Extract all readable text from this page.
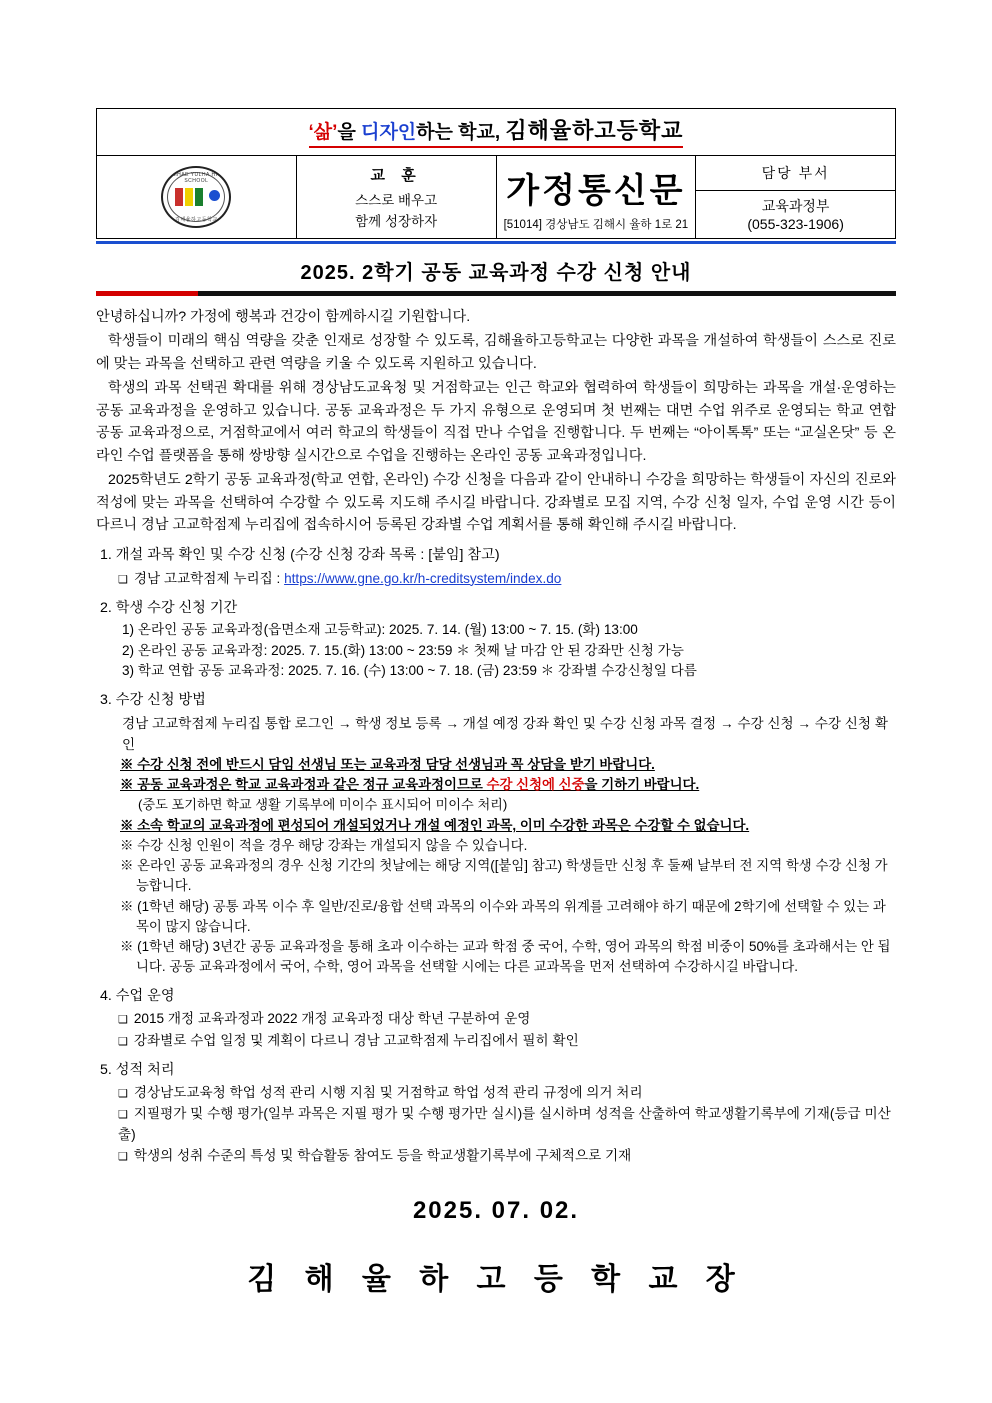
‘삶’을 디자인하는 학교, 김해율하고등학교

KIMHAE YULHA HIGH SCHOOL
김해율하고등학교

교 훈
스스로 배우고
함께 성장하자

가정통신문
[51014] 경상남도 김해시 율하 1로 21

담당 부서
교육과정부
(055-323-1906)
2025. 2학기 공동 교육과정 수강 신청 안내

안녕하십니까? 가정에 행복과 건강이 함께하시길 기원합니다.

학생들이 미래의 핵심 역량을 갖춘 인재로 성장할 수 있도록, 김해율하고등학교는 다양한 과목을 개설하여 학생들이 스스로 진로에 맞는 과목을 선택하고 관련 역량을 키울 수 있도록 지원하고 있습니다.

학생의 과목 선택권 확대를 위해 경상남도교육청 및 거점학교는 인근 학교와 협력하여 학생들이 희망하는 과목을 개설·운영하는 공동 교육과정을 운영하고 있습니다. 공동 교육과정은 두 가지 유형으로 운영되며 첫 번째는 대면 수업 위주로 운영되는 학교 연합 공동 교육과정으로, 거점학교에서 여러 학교의 학생들이 직접 만나 수업을 진행합니다. 두 번째는 “아이톡톡” 또는 “교실온닷” 등 온라인 수업 플랫폼을 통해 쌍방향 실시간으로 수업을 진행하는 온라인 공동 교육과정입니다.

2025학년도 2학기 공동 교육과정(학교 연합, 온라인) 수강 신청을 다음과 같이 안내하니 수강을 희망하는 학생들이 자신의 진로와 적성에 맞는 과목을 선택하여 수강할 수 있도록 지도해 주시길 바랍니다. 강좌별로 모집 지역, 수강 신청 일자, 수업 운영 시간 등이 다르니 경남 고교학점제 누리집에 접속하시어 등록된 강좌별 수업 계획서를 통해 확인해 주시길 바랍니다.

1. 개설 과목 확인 및 수강 신청 (수강 신청 강좌 목록 : [붙임] 참고)
❑ 경남 고교학점제 누리집 : https://www.gne.go.kr/h-creditsystem/index.do
2. 학생 수강 신청 기간
1) 온라인 공동 교육과정(읍면소재 고등학교): 2025. 7. 14. (월) 13:00 ~ 7. 15. (화) 13:00
2) 온라인 공동 교육과정: 2025. 7. 15.(화) 13:00 ~ 23:59 ＊ 첫째 날 마감 안 된 강좌만 신청 가능
3) 학교 연합 공동 교육과정: 2025. 7. 16. (수) 13:00 ~ 7. 18. (금) 23:59 ＊ 강좌별 수강신청일 다름
3. 수강 신청 방법
경남 고교학점제 누리집 통합 로그인 → 학생 정보 등록 → 개설 예정 강좌 확인 및 수강 신청 과목 결정 → 수강 신청 → 수강 신청 확인
※ 수강 신청 전에 반드시 담임 선생님 또는 교육과정 담당 선생님과 꼭 상담을 받기 바랍니다.
※ 공동 교육과정은 학교 교육과정과 같은 정규 교육과정이므로 수강 신청에 신중을 기하기 바랍니다.
(중도 포기하면 학교 생활 기록부에 미이수 표시되어 미이수 처리)
※ 소속 학교의 교육과정에 편성되어 개설되었거나 개설 예정인 과목, 이미 수강한 과목은 수강할 수 없습니다.
※ 수강 신청 인원이 적을 경우 해당 강좌는 개설되지 않을 수 있습니다.
※ 온라인 공동 교육과정의 경우 신청 기간의 첫날에는 해당 지역([붙임] 참고) 학생들만 신청 후 둘째 날부터 전 지역 학생 수강 신청 가능합니다.
※ (1학년 해당) 공통 과목 이수 후 일반/진로/융합 선택 과목의 이수와 과목의 위계를 고려해야 하기 때문에 2학기에 선택할 수 있는 과목이 많지 않습니다.
※ (1학년 해당) 3년간 공동 교육과정을 통해 초과 이수하는 교과 학점 중 국어, 수학, 영어 과목의 학점 비중이 50%를 초과해서는 안 됩니다. 공동 교육과정에서 국어, 수학, 영어 과목을 선택할 시에는 다른 교과목을 먼저 선택하여 수강하시길 바랍니다.
4. 수업 운영
❑ 2015 개정 교육과정과 2022 개정 교육과정 대상 학년 구분하여 운영
❑ 강좌별로 수업 일정 및 계획이 다르니 경남 고교학점제 누리집에서 필히 확인
5. 성적 처리
❑ 경상남도교육청 학업 성적 관리 시행 지침 및 거점학교 학업 성적 관리 규정에 의거 처리
❑ 지필평가 및 수행 평가(일부 과목은 지필 평가 및 수행 평가만 실시)를 실시하며 성적을 산출하여 학교생활기록부에 기재(등급 미산출)
❑ 학생의 성취 수준의 특성 및 학습활동 참여도 등을 학교생활기록부에 구체적으로 기재
2025. 07. 02.
김 해 율 하 고 등 학 교 장
